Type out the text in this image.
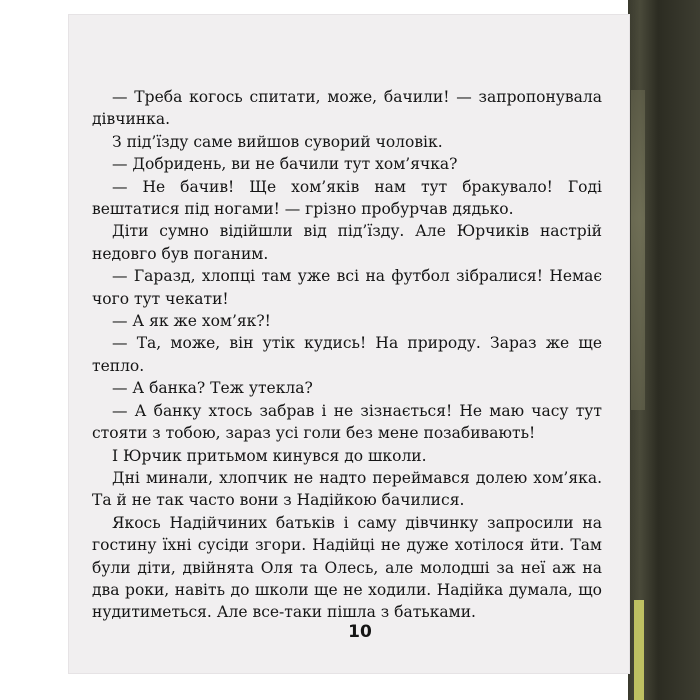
— Треба когось спитати, може, бачили! — запропонувала дівчинка.

З під’їзду саме вийшов суворий чоловік.

— Добридень, ви не бачили тут хом’ячка?

— Не бачив! Ще хом’яків нам тут бракувало! Годі вештатися під ногами! — грізно пробурчав дядько.

Діти сумно відійшли від під’їзду. Але Юрчиків настрій недовго був поганим.

— Гаразд, хлопці там уже всі на футбол зібралися! Немає чого тут чекати!

— А як же хом’як?!

— Та, може, він утік кудись! На природу. Зараз же ще тепло.

— А банка? Теж утекла?

— А банку хтось забрав і не зізнається! Не маю часу тут стояти з тобою, зараз усі голи без мене позабивають!

І Юрчик притьмом кинувся до школи.

Дні минали, хлопчик не надто переймався долею хом’яка. Та й не так часто вони з Надійкою бачилися.

Якось Надійчиних батьків і саму дівчинку запросили на гостину їхні сусіди згори. Надійці не дуже хотілося йти. Там були діти, двійнята Оля та Олесь, але молодші за неї аж на два роки, навіть до школи ще не ходили. Надійка думала, що нудитиметься. Але все-таки пішла з батьками.

10
